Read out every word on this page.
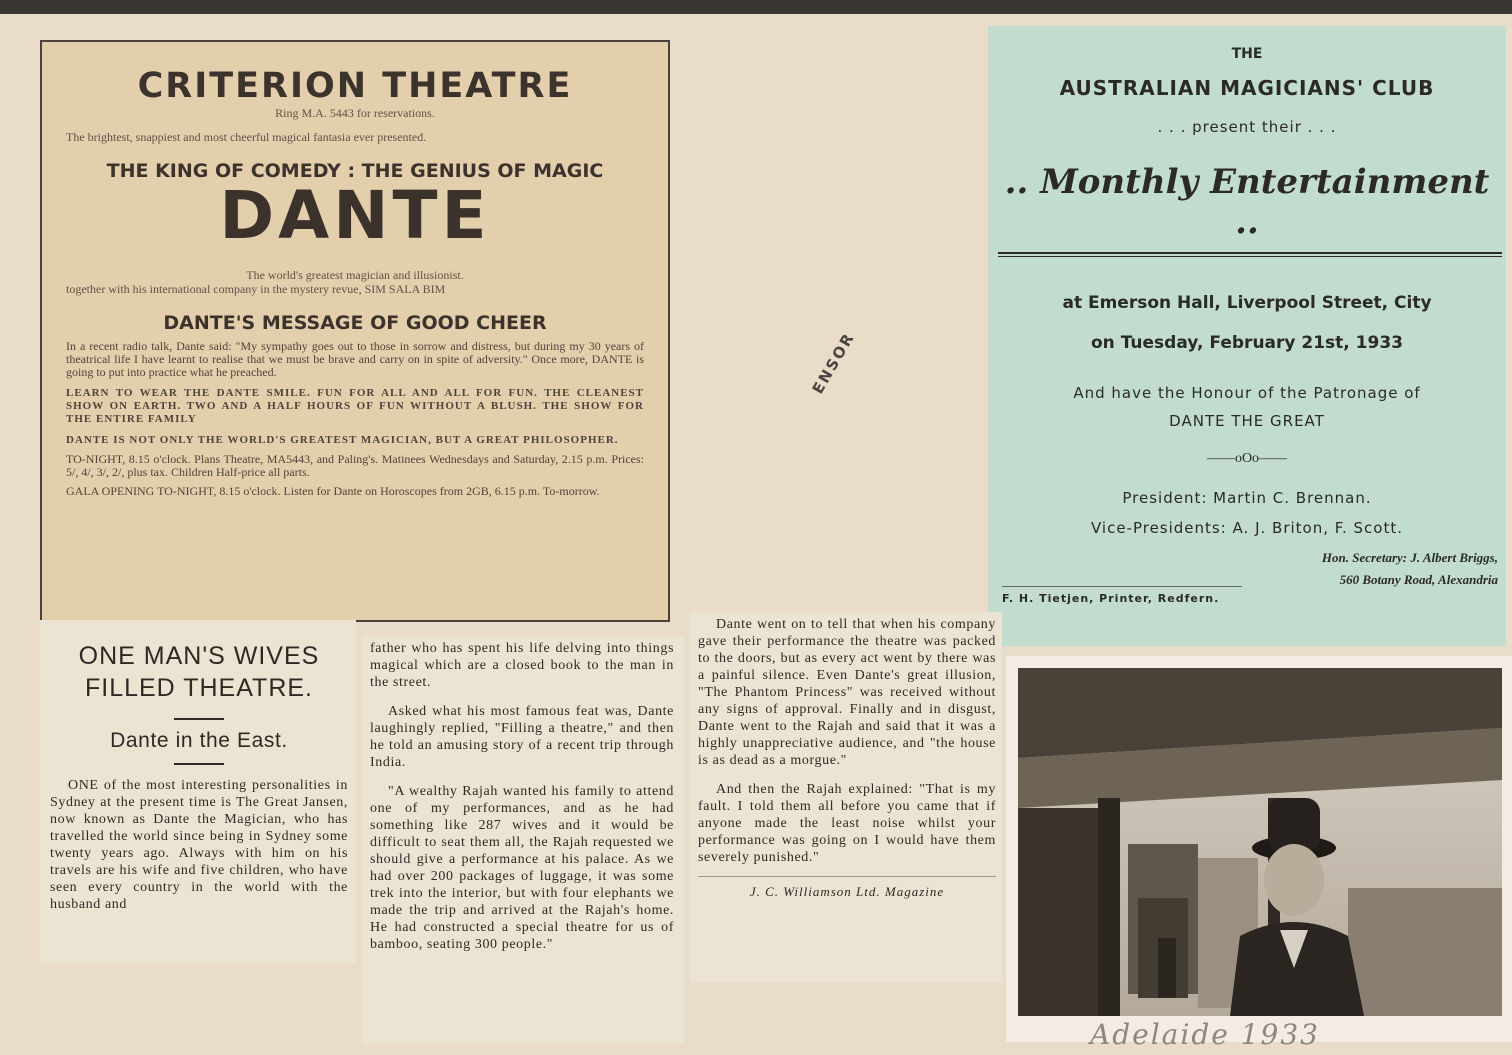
CRITERION THEATRE
Ring M.A. 5443 for reservations.
The brightest, snappiest and most cheerful magical fantasia ever presented.
THE KING OF COMEDY : THE GENIUS OF MAGIC
DANTE
The world's greatest magician and illusionist.
together with his international company in the mystery revue, SIM SALA BIM
DANTE'S MESSAGE OF GOOD CHEER
In a recent radio talk, Dante said: "My sympathy goes out to those in sorrow and distress, but during my 30 years of theatrical life I have learnt to realise that we must be brave and carry on in spite of adversity." Once more, DANTE is going to put into practice what he preached.
LEARN TO WEAR THE DANTE SMILE. FUN FOR ALL AND ALL FOR FUN. THE CLEANEST SHOW ON EARTH. TWO AND A HALF HOURS OF FUN WITHOUT A BLUSH. THE SHOW FOR THE ENTIRE FAMILY
DANTE IS NOT ONLY THE WORLD'S GREATEST MAGICIAN, BUT A GREAT PHILOSOPHER.
TO-NIGHT, 8.15 o'clock. Plans Theatre, MA5443, and Paling's. Matinees Wednesdays and Saturday, 2.15 p.m. Prices: 5/, 4/, 3/, 2/, plus tax. Children Half-price all parts.
GALA OPENING TO-NIGHT, 8.15 o'clock. Listen for Dante on Horoscopes from 2GB, 6.15 p.m. To-morrow.
THE
AUSTRALIAN MAGICIANS' CLUB
. . . present their . . .
.. Monthly Entertainment ..
at Emerson Hall, Liverpool Street, City
on Tuesday, February 21st, 1933
And have the Honour of the Patronage of
DANTE THE GREAT
——oOo——
President: Martin C. Brennan.
Vice-Presidents: A. J. Briton, F. Scott.
Hon. Secretary: J. Albert Briggs,
560 Botany Road, Alexandria
F. H. Tietjen, Printer, Redfern.
ENSOR
ONE MAN'S WIVES
FILLED THEATRE.
Dante in the East.

ONE of the most interesting personalities in Sydney at the present time is The Great Jansen, now known as Dante the Magician, who has travelled the world since being in Sydney some twenty years ago. Always with him on his travels are his wife and five children, who have seen every country in the world with the husband and

father who has spent his life delving into things magical which are a closed book to the man in the street.

Asked what his most famous feat was, Dante laughingly replied, "Filling a theatre," and then he told an amusing story of a recent trip through India.

"A wealthy Rajah wanted his family to attend one of my performances, and as he had something like 287 wives and it would be difficult to seat them all, the Rajah requested we should give a performance at his palace. As we had over 200 packages of luggage, it was some trek into the interior, but with four elephants we made the trip and arrived at the Rajah's home. He had constructed a special theatre for us of bamboo, seating 300 people."

Dante went on to tell that when his company gave their performance the theatre was packed to the doors, but as every act went by there was a painful silence. Even Dante's great illusion, "The Phantom Princess" was received without any signs of approval. Finally and in disgust, Dante went to the Rajah and said that it was a highly unappreciative audience, and "the house is as dead as a morgue."

And then the Rajah explained: "That is my fault. I told them all before you came that if anyone made the least noise whilst your performance was going on I would have them severely punished."

J. C. Williamson Ltd. Magazine
Adelaide 1933
